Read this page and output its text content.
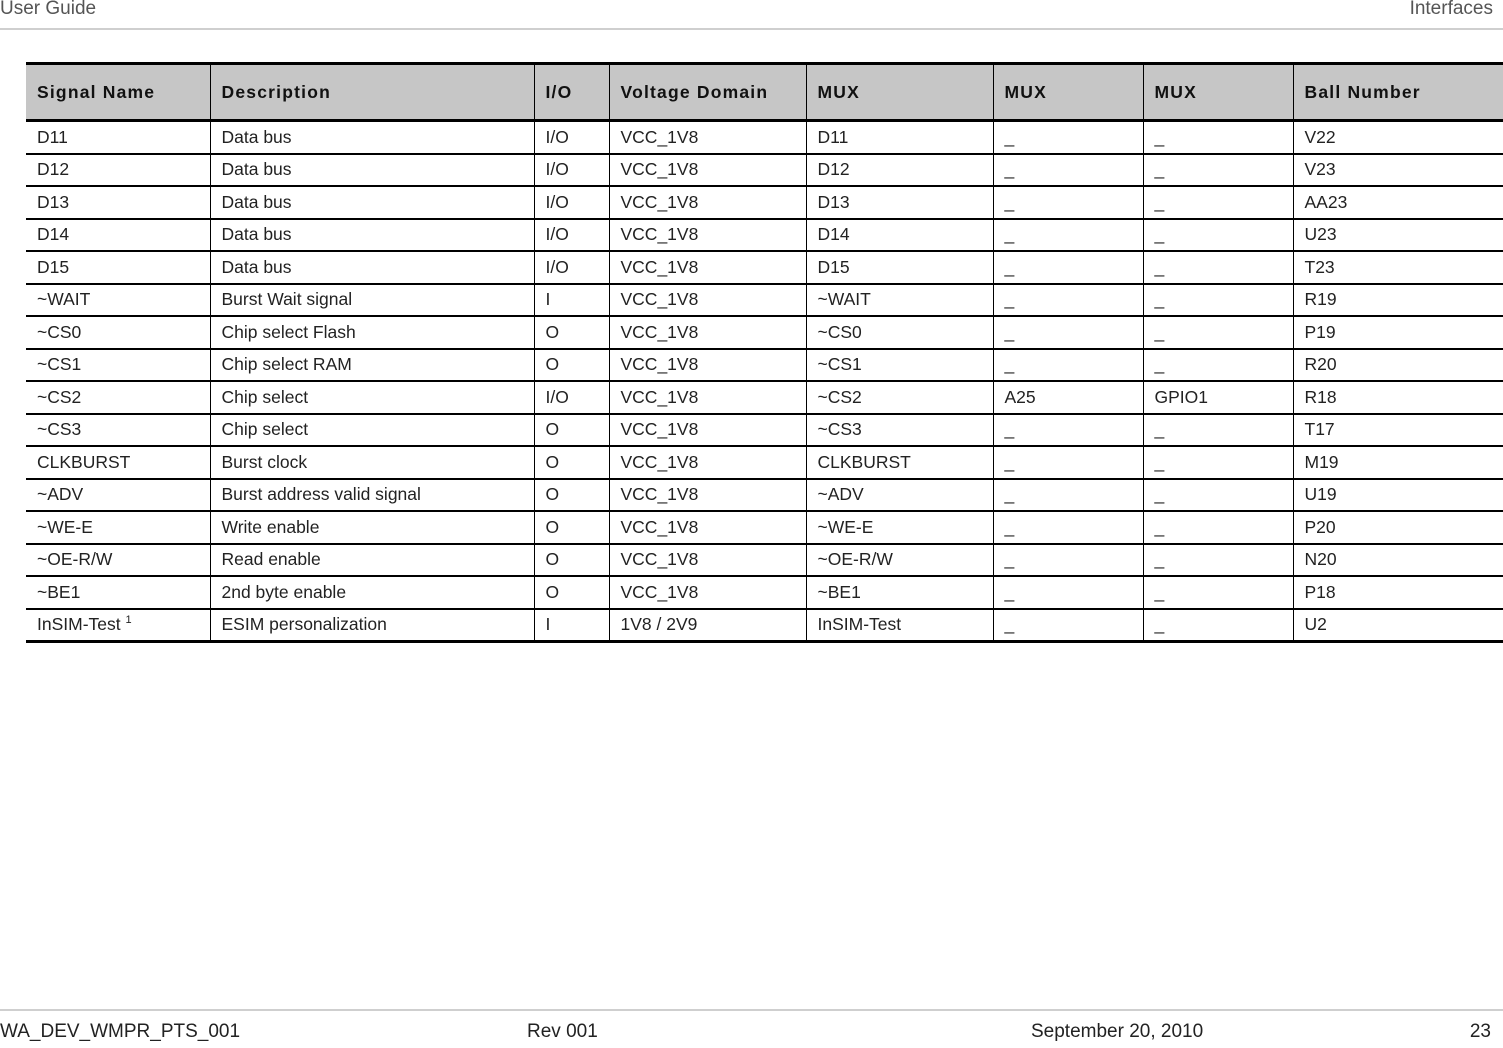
User Guide	Interfaces
Signal Name	Description	I/O	Voltage Domain	MUX	MUX	MUX	Ball Number
D11	Data bus	I/O	VCC_1V8	D11	_	_	V22
D12	Data bus	I/O	VCC_1V8	D12	_	_	V23
D13	Data bus	I/O	VCC_1V8	D13	_	_	AA23
D14	Data bus	I/O	VCC_1V8	D14	_	_	U23
D15	Data bus	I/O	VCC_1V8	D15	_	_	T23
~WAIT	Burst Wait signal	I	VCC_1V8	~WAIT	_	_	R19
~CS0	Chip select Flash	O	VCC_1V8	~CS0	_	_	P19
~CS1	Chip select RAM	O	VCC_1V8	~CS1	_	_	R20
~CS2	Chip select	I/O	VCC_1V8	~CS2	A25	GPIO1	R18
~CS3	Chip select	O	VCC_1V8	~CS3	_	_	T17
CLKBURST	Burst clock	O	VCC_1V8	CLKBURST	_	_	M19
~ADV	Burst address valid signal	O	VCC_1V8	~ADV	_	_	U19
~WE-E	Write enable	O	VCC_1V8	~WE-E	_	_	P20
~OE-R/W	Read enable	O	VCC_1V8	~OE-R/W	_	_	N20
~BE1	2nd byte enable	O	VCC_1V8	~BE1	_	_	P18
InSIM-Test $^1$	ESIM personalization	I	1V8 / 2V9	InSIM-Test	_	_	U2
WA_DEV_WMPR_PTS_001	Rev 001	September 20, 2010	23
